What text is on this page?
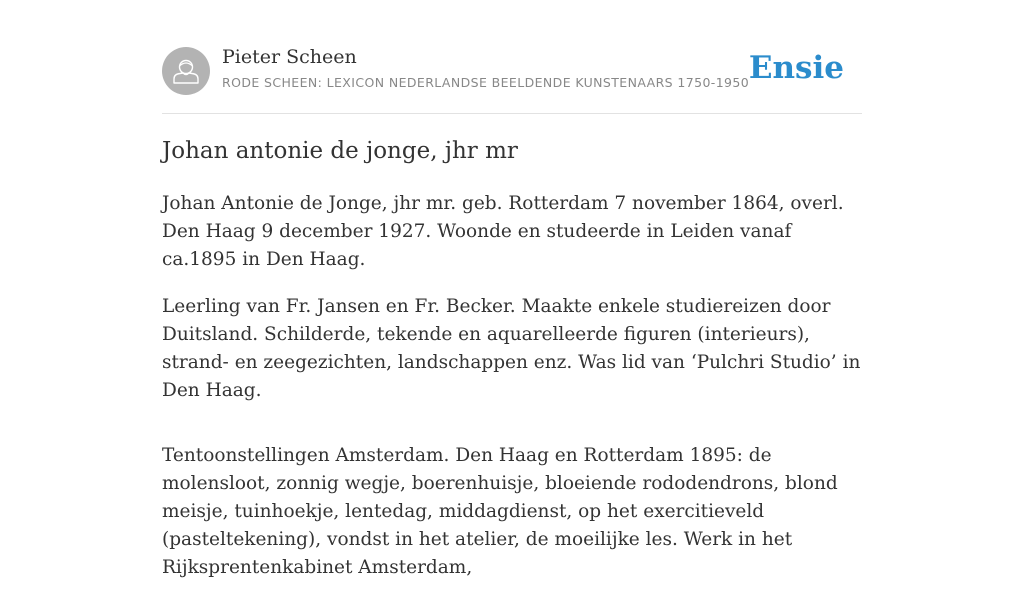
Pieter Scheen
RODE SCHEEN: LEXICON NEDERLANDSE BEELDENDE KUNSTENAARS 1750-1950 Ensie
Johan antonie de jonge, jhr mr

Johan Antonie de Jonge, jhr mr. geb. Rotterdam 7 november 1864, overl. Den Haag 9 december 1927. Woonde en studeerde in Leiden vanaf ca.1895 in Den Haag.

Leerling van Fr. Jansen en Fr. Becker. Maakte enkele studiereizen door Duitsland. Schilderde, tekende en aquarelleerde figuren (interieurs), strand- en zeegezichten, landschappen enz. Was lid van ‘Pulchri Studio’ in Den Haag.

Tentoonstellingen Amsterdam. Den Haag en Rotterdam 1895: de molensloot, zonnig wegje, boerenhuisje, bloeiende rododendrons, blond meisje, tuinhoekje, lentedag, middagdienst, op het exercitieveld (pasteltekening), vondst in het atelier, de moeilijke les. Werk in het Rijksprentenkabinet Amsterdam,
